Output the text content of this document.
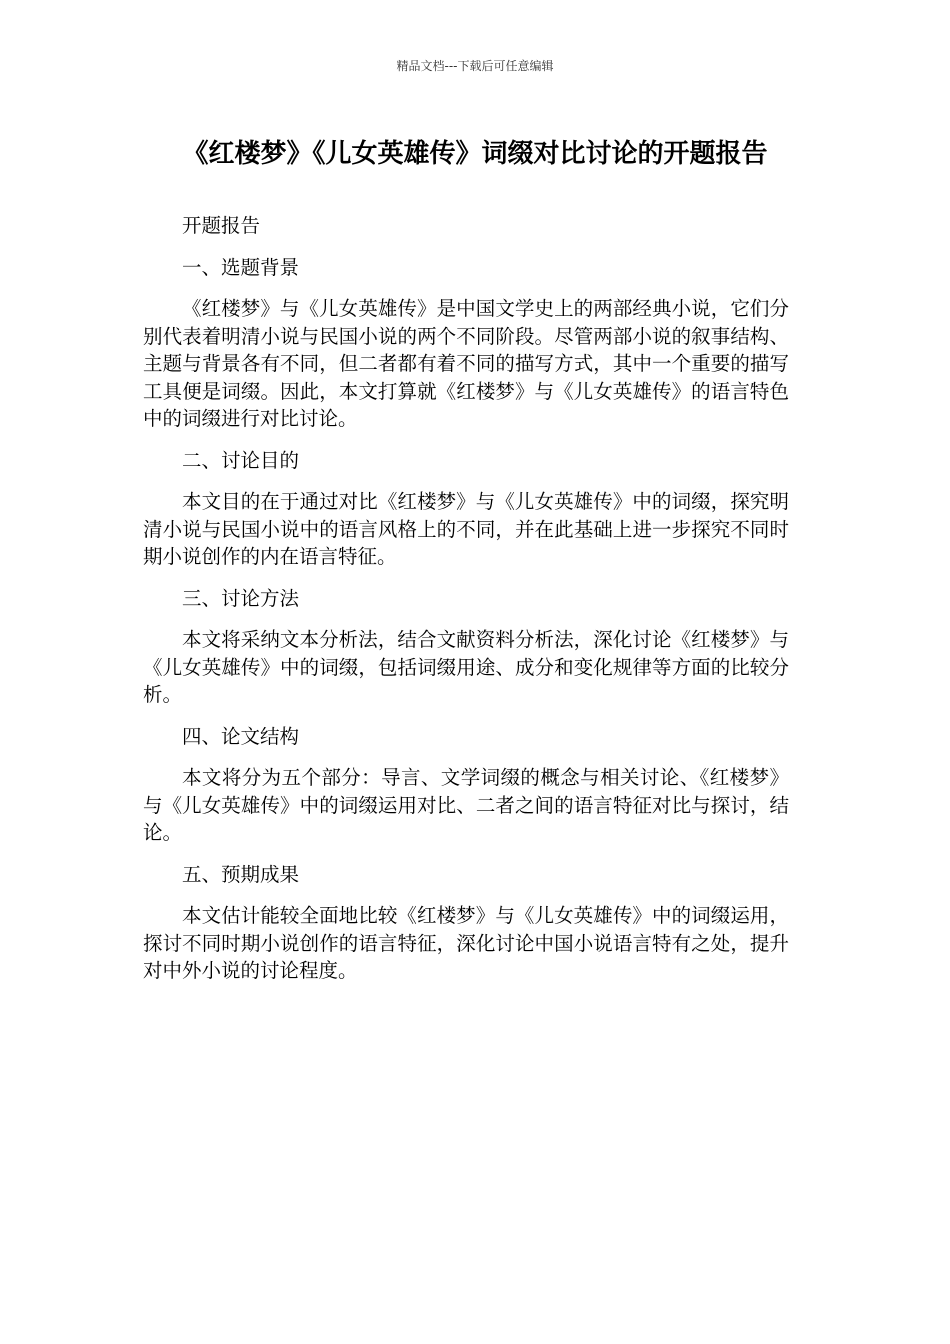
精品文档---下载后可任意编辑
《红楼梦》《儿女英雄传》词缀对比讨论的开题报告

开题报告

一、选题背景

《红楼梦》与《儿女英雄传》是中国文学史上的两部经典小说，它们分别代表着明清小说与民国小说的两个不同阶段。尽管两部小说的叙事结构、主题与背景各有不同，但二者都有着不同的描写方式，其中一个重要的描写工具便是词缀。因此，本文打算就《红楼梦》与《儿女英雄传》的语言特色中的词缀进行对比讨论。

二、讨论目的

本文目的在于通过对比《红楼梦》与《儿女英雄传》中的词缀，探究明清小说与民国小说中的语言风格上的不同，并在此基础上进一步探究不同时期小说创作的内在语言特征。

三、讨论方法

本文将采纳文本分析法，结合文献资料分析法，深化讨论《红楼梦》与《儿女英雄传》中的词缀，包括词缀用途、成分和变化规律等方面的比较分析。

四、论文结构

本文将分为五个部分：导言、文学词缀的概念与相关讨论、《红楼梦》与《儿女英雄传》中的词缀运用对比、二者之间的语言特征对比与探讨，结论。

五、预期成果

本文估计能较全面地比较《红楼梦》与《儿女英雄传》中的词缀运用，探讨不同时期小说创作的语言特征，深化讨论中国小说语言特有之处，提升对中外小说的讨论程度。
